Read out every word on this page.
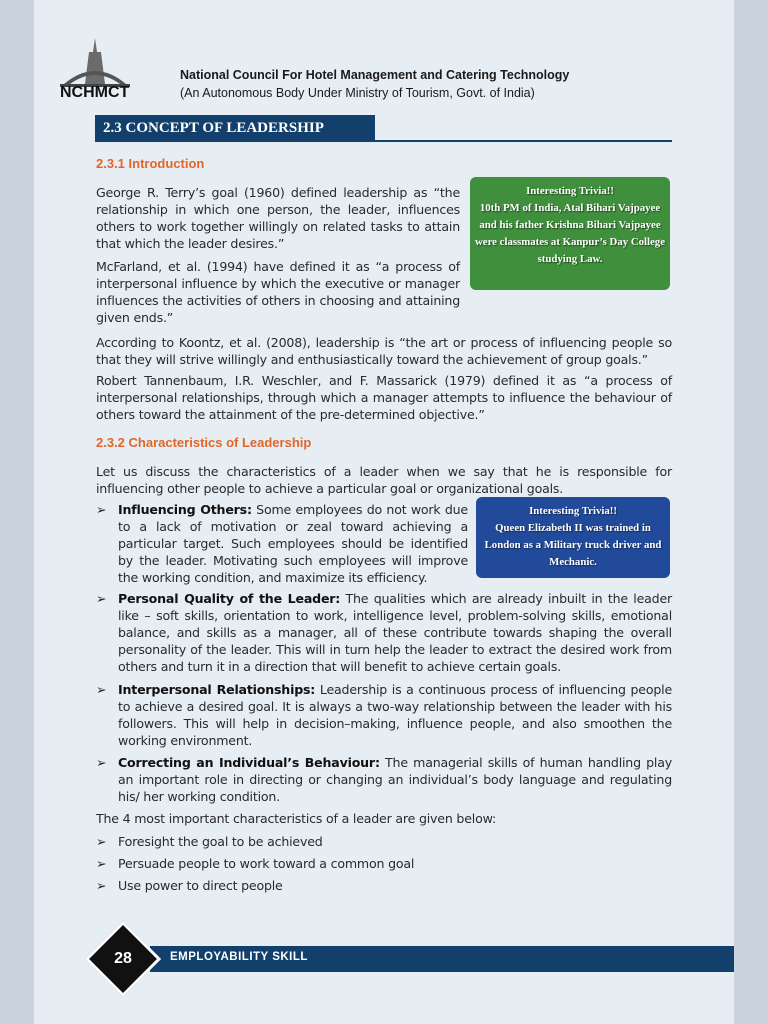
NCHMCT
National Council For Hotel Management and Catering Technology
(An Autonomous Body Under Ministry of Tourism, Govt. of India)
2.3 CONCEPT OF LEADERSHIP
2.3.1 Introduction
George R. Terry’s goal (1960) defined leadership as “the relationship in which one person, the leader, influences others to work together willingly on related tasks to attain that which the leader desires.”
McFarland, et al. (1994) have defined it as “a process of interpersonal influence by which the executive or manager influences the activities of others in choosing and attaining given ends.”
According to Koontz, et al. (2008), leadership is “the art or process of influencing people so that they will strive willingly and enthusiastically toward the achievement of group goals.”
Robert Tannenbaum, I.R. Weschler, and F. Massarick (1979) defined it as “a process of interpersonal relationships, through which a manager attempts to influence the behaviour of others toward the attainment of the pre-determined objective.”
Interesting Trivia!!
10th PM of India, Atal Bihari Vajpayee and his father Krishna Bihari Vajpayee were classmates at Kanpur’s Day College studying Law.
2.3.2 Characteristics of Leadership
Let us discuss the characteristics of a leader when we say that he is responsible for influencing other people to achieve a particular goal or organizational goals.
➢ Influencing Others: Some employees do not work due to a lack of motivation or zeal toward achieving a particular target. Such employees should be identified by the leader. Motivating such employees will improve the working condition, and maximize its efficiency.
Interesting Trivia!!
Queen Elizabeth II was trained in London as a Military truck driver and Mechanic.
➢ Personal Quality of the Leader: The qualities which are already inbuilt in the leader like – soft skills, orientation to work, intelligence level, problem-solving skills, emotional balance, and skills as a manager, all of these contribute towards shaping the overall personality of the leader. This will in turn help the leader to extract the desired work from others and turn it in a direction that will benefit to achieve certain goals.
➢ Interpersonal Relationships: Leadership is a continuous process of influencing people to achieve a desired goal. It is always a two-way relationship between the leader with his followers. This will help in decision–making, influence people, and also smoothen the working environment.
➢ Correcting an Individual’s Behaviour: The managerial skills of human handling play an important role in directing or changing an individual’s body language and regulating his/ her working condition.
The 4 most important characteristics of a leader are given below:
➢ Foresight the goal to be achieved
➢ Persuade people to work toward a common goal
➢ Use power to direct people
EMPLOYABILITY SKILL
28
